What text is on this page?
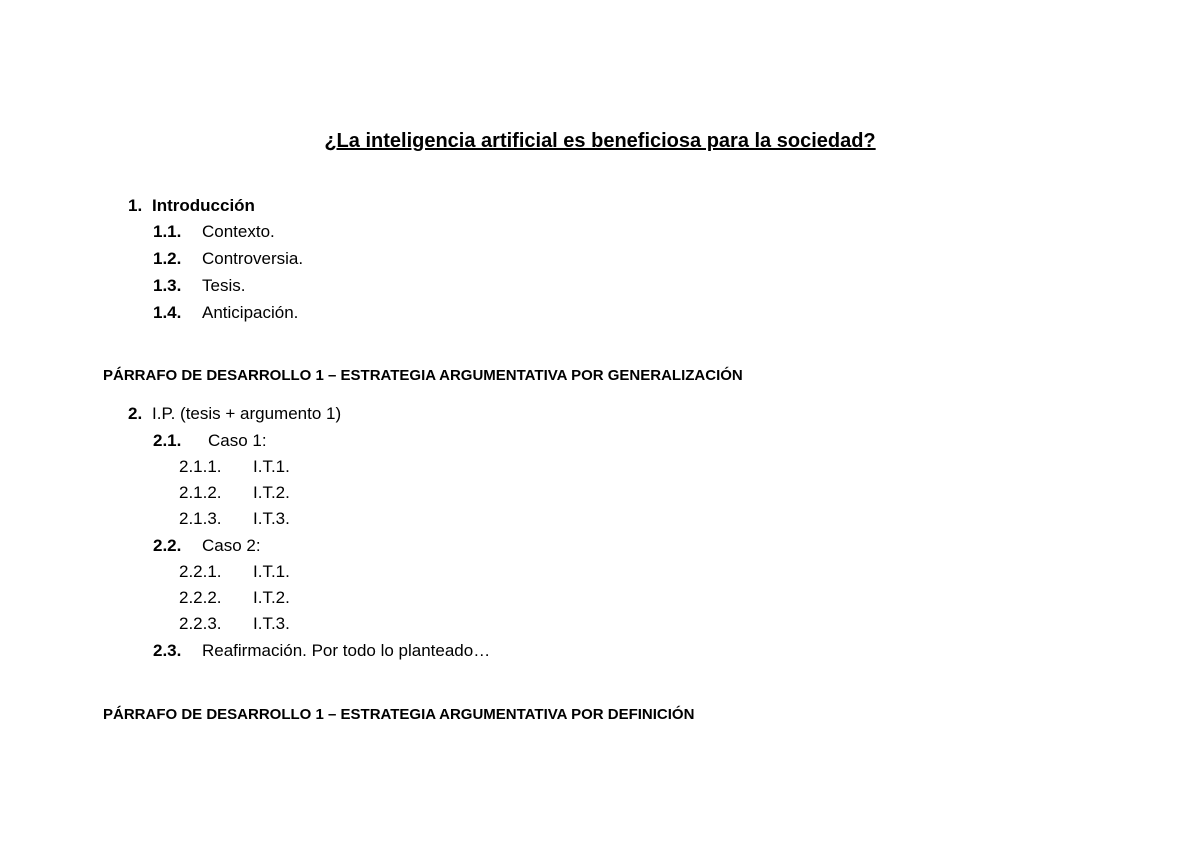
¿La inteligencia artificial es beneficiosa para la sociedad?
1. Introducción
1.1. Contexto.
1.2. Controversia.
1.3. Tesis.
1.4. Anticipación.
PÁRRAFO DE DESARROLLO 1 – ESTRATEGIA ARGUMENTATIVA POR GENERALIZACIÓN
2. I.P. (tesis + argumento 1)
2.1. Caso 1:
2.1.1. I.T.1.
2.1.2. I.T.2.
2.1.3. I.T.3.
2.2. Caso 2:
2.2.1. I.T.1.
2.2.2. I.T.2.
2.2.3. I.T.3.
2.3. Reafirmación. Por todo lo planteado…
PÁRRAFO DE DESARROLLO 1 – ESTRATEGIA ARGUMENTATIVA POR DEFINICIÓN
